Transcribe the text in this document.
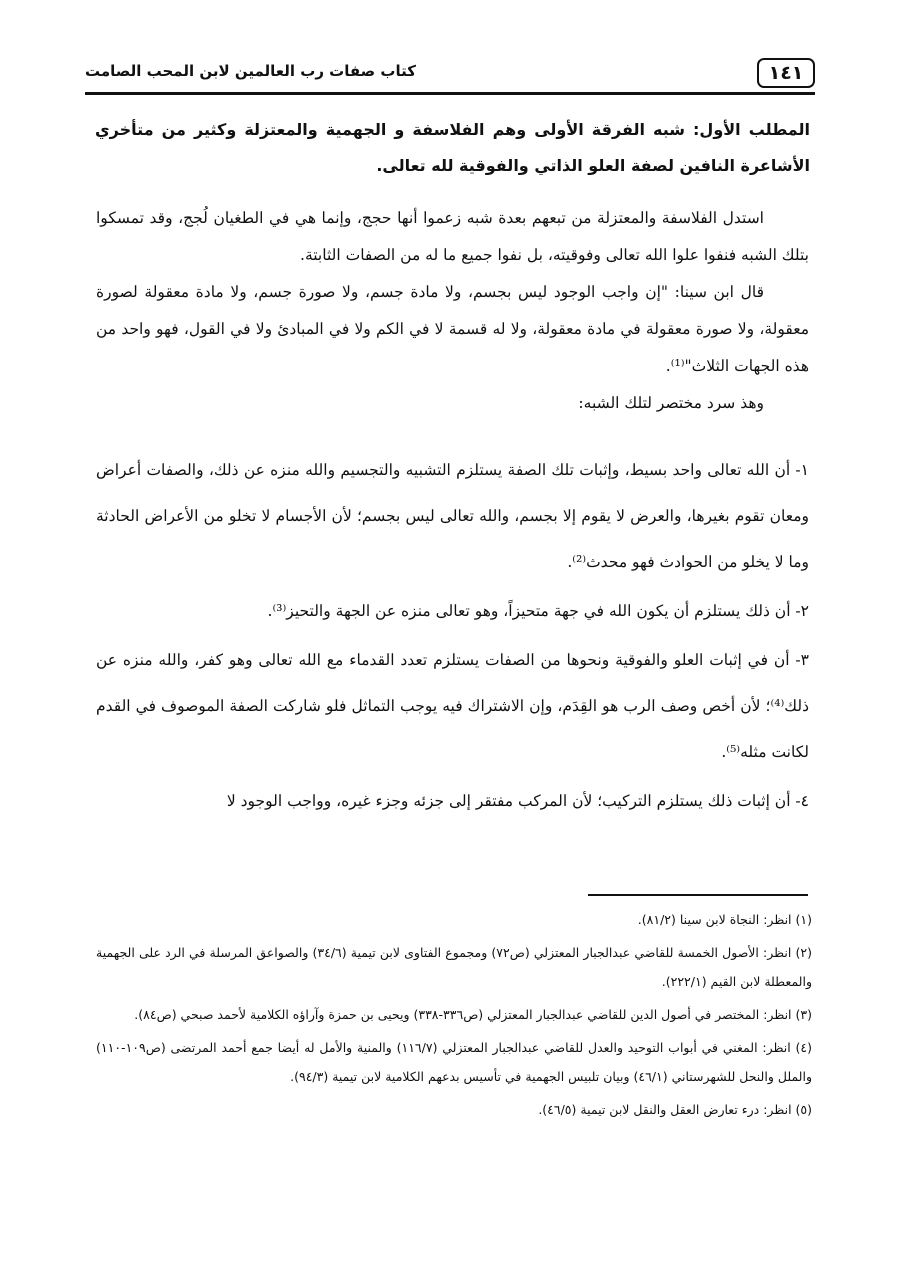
١٤١
كتاب صفات رب العالمين لابن المحب الصامت
المطلب الأول: شبه الفرقة الأولى وهم الفلاسفة و الجهمية والمعتزلة وكثير من متأخري الأشاعرة النافين لصفة العلو الذاتي والفوقية لله تعالى.

استدل الفلاسفة والمعتزلة من تبعهم بعدة شبه زعموا أنها حجج، وإنما هي في الطغيان لُجج، وقد تمسكوا بتلك الشبه فنفوا علوا الله تعالى وفوقيته، بل نفوا جميع ما له من الصفات الثابتة.

قال ابن سينا: "إن واجب الوجود ليس بجسم، ولا مادة جسم، ولا صورة جسم، ولا مادة معقولة لصورة معقولة، ولا صورة معقولة في مادة معقولة، ولا له قسمة لا في الكم ولا في المبادئ ولا في القول، فهو واحد من هذه الجهات الثلاث"⁽¹⁾.

وهذ سرد مختصر لتلك الشبه:

١- أن الله تعالى واحد بسيط، وإثبات تلك الصفة يستلزم التشبيه والتجسيم والله منزه عن ذلك، والصفات أعراض ومعان تقوم بغيرها، والعرض لا يقوم إلا بجسم، والله تعالى ليس بجسم؛ لأن الأجسام لا تخلو من الأعراض الحادثة وما لا يخلو من الحوادث فهو محدث⁽²⁾.

٢- أن ذلك يستلزم أن يكون الله في جهة متحيزاً، وهو تعالى منزه عن الجهة والتحيز⁽³⁾.

٣- أن في إثبات العلو والفوقية ونحوها من الصفات يستلزم تعدد القدماء مع الله تعالى وهو كفر، والله منزه عن ذلك⁽⁴⁾؛ لأن أخص وصف الرب هو القِدَم، وإن الاشتراك فيه يوجب التماثل فلو شاركت الصفة الموصوف في القدم لكانت مثله⁽⁵⁾.

٤- أن إثبات ذلك يستلزم التركيب؛ لأن المركب مفتقر إلى جزئه وجزء غيره، وواجب الوجود لا

(١) انظر: النجاة لابن سينا (٨١/٢).

(٢) انظر: الأصول الخمسة للقاضي عبدالجبار المعتزلي (ص٧٢) ومجموع الفتاوى لابن تيمية (٣٤/٦) والصواعق المرسلة في الرد على الجهمية والمعطلة لابن القيم (٢٢٢/١).

(٣) انظر: المختصر في أصول الدين للقاضي عبدالجبار المعتزلي (ص٣٣٦-٣٣٨) ويحيى بن حمزة وآراؤه الكلامية لأحمد صبحي (ص٨٤).

(٤) انظر: المغني في أبواب التوحيد والعدل للقاضي عبدالجبار المعتزلي (١١٦/٧) والمنية والأمل له أيضا جمع أحمد المرتضى (ص١٠٩-١١٠) والملل والنحل للشهرستاني (٤٦/١) وبيان تلبيس الجهمية في تأسيس بدعهم الكلامية لابن تيمية (٩٤/٣).

(٥) انظر: درء تعارض العقل والنقل لابن تيمية (٤٦/٥).
